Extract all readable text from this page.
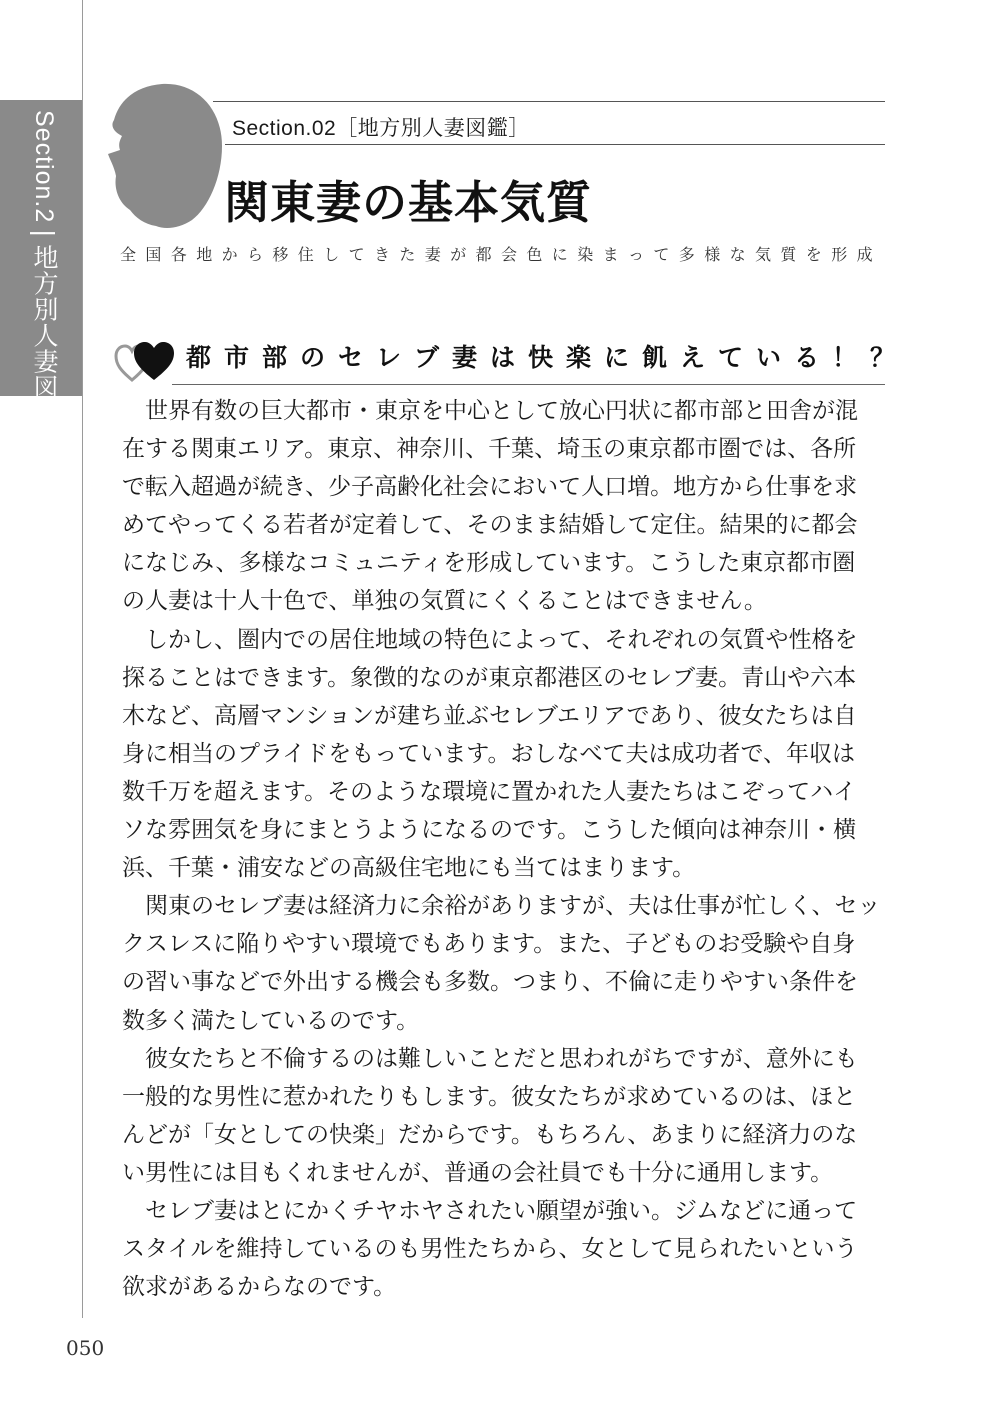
Section.2|地方別人妻図鑑
Section.02［地方別人妻図鑑］
関東妻の基本気質
全国各地から移住してきた妻が都会色に染まって多様な気質を形成
都市部のセレブ妻は快楽に飢えている！？
　世界有数の巨大都市・東京を中心として放心円状に都市部と田舎が混
在する関東エリア。東京、神奈川、千葉、埼玉の東京都市圏では、各所
で転入超過が続き、少子高齢化社会において人口増。地方から仕事を求
めてやってくる若者が定着して、そのまま結婚して定住。結果的に都会
になじみ、多様なコミュニティを形成しています。こうした東京都市圏
の人妻は十人十色で、単独の気質にくくることはできません。
　しかし、圏内での居住地域の特色によって、それぞれの気質や性格を
探ることはできます。象徴的なのが東京都港区のセレブ妻。青山や六本
木など、高層マンションが建ち並ぶセレブエリアであり、彼女たちは自
身に相当のプライドをもっています。おしなべて夫は成功者で、年収は
数千万を超えます。そのような環境に置かれた人妻たちはこぞってハイ
ソな雰囲気を身にまとうようになるのです。こうした傾向は神奈川・横
浜、千葉・浦安などの高級住宅地にも当てはまります。
　関東のセレブ妻は経済力に余裕がありますが、夫は仕事が忙しく、セッ
クスレスに陥りやすい環境でもあります。また、子どものお受験や自身
の習い事などで外出する機会も多数。つまり、不倫に走りやすい条件を
数多く満たしているのです。
　彼女たちと不倫するのは難しいことだと思われがちですが、意外にも
一般的な男性に惹かれたりもします。彼女たちが求めているのは、ほと
んどが「女としての快楽」だからです。もちろん、あまりに経済力のな
い男性には目もくれませんが、普通の会社員でも十分に通用します。
　セレブ妻はとにかくチヤホヤされたい願望が強い。ジムなどに通って
スタイルを維持しているのも男性たちから、女として見られたいという
欲求があるからなのです。
050
